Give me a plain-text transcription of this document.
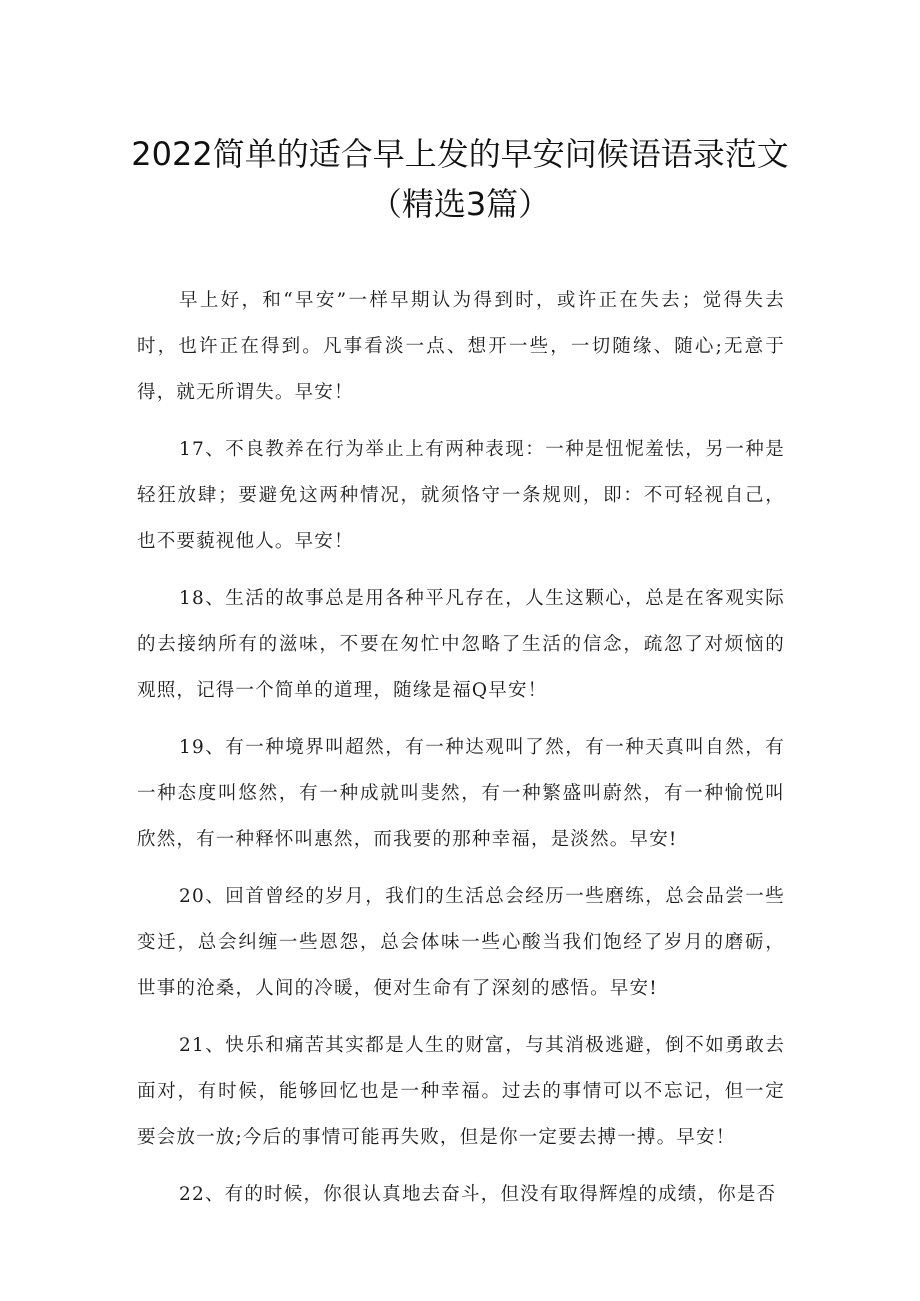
2022简单的适合早上发的早安问候语语录范文（精选3篇）

早上好，和“早安”一样早期认为得到时，或许正在失去；觉得失去时，也许正在得到。凡事看淡一点、想开一些，一切随缘、随心;无意于得，就无所谓失。早安！

17、不良教养在行为举止上有两种表现：一种是忸怩羞怯，另一种是轻狂放肆；要避免这两种情况，就须恪守一条规则，即：不可轻视自己，也不要藐视他人。早安！

18、生活的故事总是用各种平凡存在，人生这颗心，总是在客观实际的去接纳所有的滋味，不要在匆忙中忽略了生活的信念，疏忽了对烦恼的观照，记得一个简单的道理，随缘是福Q早安！

19、有一种境界叫超然，有一种达观叫了然，有一种天真叫自然，有一种态度叫悠然，有一种成就叫斐然，有一种繁盛叫蔚然，有一种愉悦叫欣然，有一种释怀叫惠然，而我要的那种幸福，是淡然。早安!

20、回首曾经的岁月，我们的生活总会经历一些磨练，总会品尝一些变迁，总会纠缠一些恩怨，总会体味一些心酸当我们饱经了岁月的磨砺，世事的沧桑，人间的冷暖，便对生命有了深刻的感悟。早安!

21、快乐和痛苦其实都是人生的财富，与其消极逃避，倒不如勇敢去面对，有时候，能够回忆也是一种幸福。过去的事情可以不忘记，但一定要会放一放;今后的事情可能再失败，但是你一定要去搏一搏。早安！

22、有的时候，你很认真地去奋斗，但没有取得辉煌的成绩，你是否
